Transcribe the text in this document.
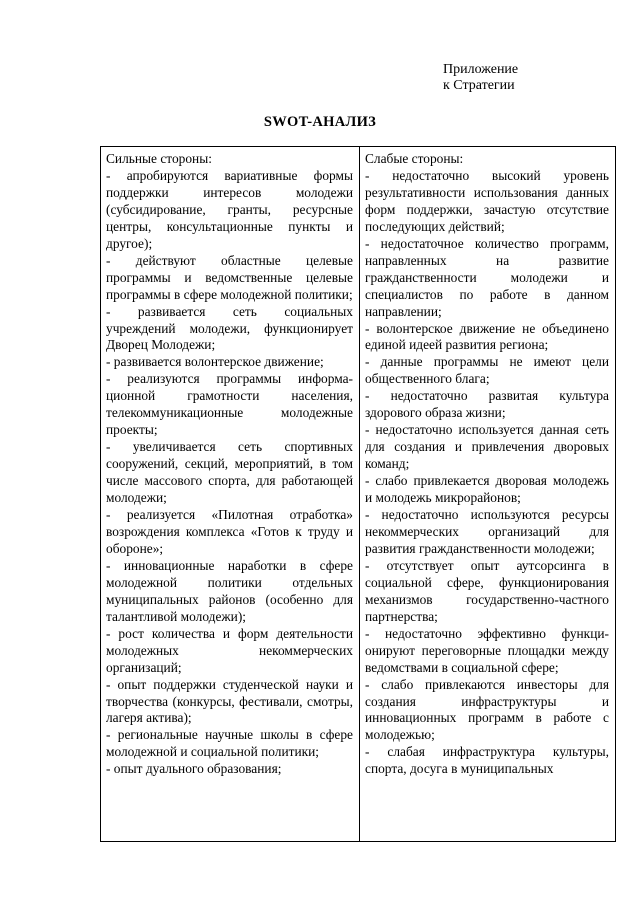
Приложение
к Стратегии
SWOT-АНАЛИЗ
Сильные стороны:
- апробируются вариативные формы поддержки интересов молодежи (субсидирование, гранты, ресурсные центры, консультационные пункты и другое);
- действуют областные целевые программы и ведомственные целевые программы в сфере молодежной политики;
- развивается сеть социальных учреждений молодежи, функционирует Дворец Молодежи;
- развивается волонтерское движение;
- реализуются программы информационной грамотности населения, телекоммуникационные молодежные проекты;
- увеличивается сеть спортивных сооружений, секций, мероприятий, в том числе массового спорта, для работающей молодежи;
- реализуется «Пилотная отработка» возрождения комплекса «Готов к труду и обороне»;
- инновационные наработки в сфере молодежной политики отдельных муниципальных районов (особенно для талантливой молодежи);
- рост количества и форм деятельности молодежных некоммерческих организаций;
- опыт поддержки студенческой науки и творчества (конкурсы, фестивали, смотры, лагеря актива);
- региональные научные школы в сфере молодежной и социальной политики;
- опыт дуального образования;
Слабые стороны:
- недостаточно высокий уровень результативности использования данных форм поддержки, зачастую отсутствие последующих действий;
- недостаточное количество программ, направленных на развитие гражданственности молодежи и специалистов по работе в данном направлении;
- волонтерское движение не объединено единой идеей развития региона;
- данные программы не имеют цели общественного блага;
- недостаточно развитая культура здорового образа жизни;
- недостаточно используется данная сеть для создания и привлечения дворовых команд;
- слабо привлекается дворовая молодежь и молодежь микрорайонов;
- недостаточно используются ресурсы некоммерческих организаций для развития гражданственности молодежи;
- отсутствует опыт аутсорсинга в социальной сфере, функционирования механизмов государственно-частного партнерства;
- недостаточно эффективно функционируют переговорные площадки между ведомствами в социальной сфере;
- слабо привлекаются инвесторы для создания инфраструктуры и инновационных программ в работе с молодежью;
- слабая инфраструктура культуры, спорта, досуга в муниципальных
